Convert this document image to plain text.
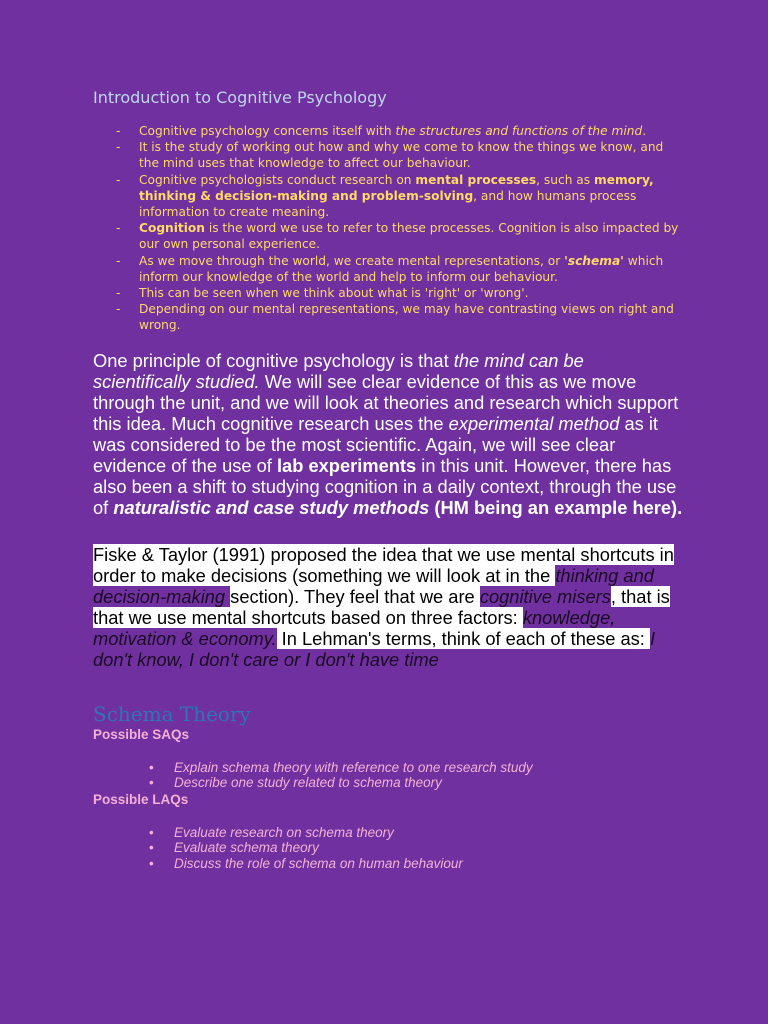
Introduction to Cognitive Psychology
- Cognitive psychology concerns itself with the structures and functions of the mind.
- It is the study of working out how and why we come to know the things we know, and the mind uses that knowledge to affect our behaviour.
- Cognitive psychologists conduct research on mental processes, such as memory, thinking & decision-making and problem-solving, and how humans process information to create meaning.
- Cognition is the word we use to refer to these processes. Cognition is also impacted by our own personal experience.
- As we move through the world, we create mental representations, or 'schema' which inform our knowledge of the world and help to inform our behaviour.
- This can be seen when we think about what is 'right' or 'wrong'.
- Depending on our mental representations, we may have contrasting views on right and wrong.

One principle of cognitive psychology is that the mind can be scientifically studied. We will see clear evidence of this as we move through the unit, and we will look at theories and research which support this idea. Much cognitive research uses the experimental method as it was considered to be the most scientific. Again, we will see clear evidence of the use of lab experiments in this unit. However, there has also been a shift to studying cognition in a daily context, through the use of naturalistic and case study methods (HM being an example here).

Fiske & Taylor (1991) proposed the idea that we use mental shortcuts in order to make decisions (something we will look at in the thinking and decision-making section). They feel that we are cognitive misers, that is that we use mental shortcuts based on three factors: knowledge, motivation & economy. In Lehman's terms, think of each of these as: I don't know, I don't care or I don't have time

Schema Theory

Possible SAQs

• Explain schema theory with reference to one research study
• Describe one study related to schema theory

Possible LAQs

• Evaluate research on schema theory
• Evaluate schema theory
• Discuss the role of schema on human behaviour
